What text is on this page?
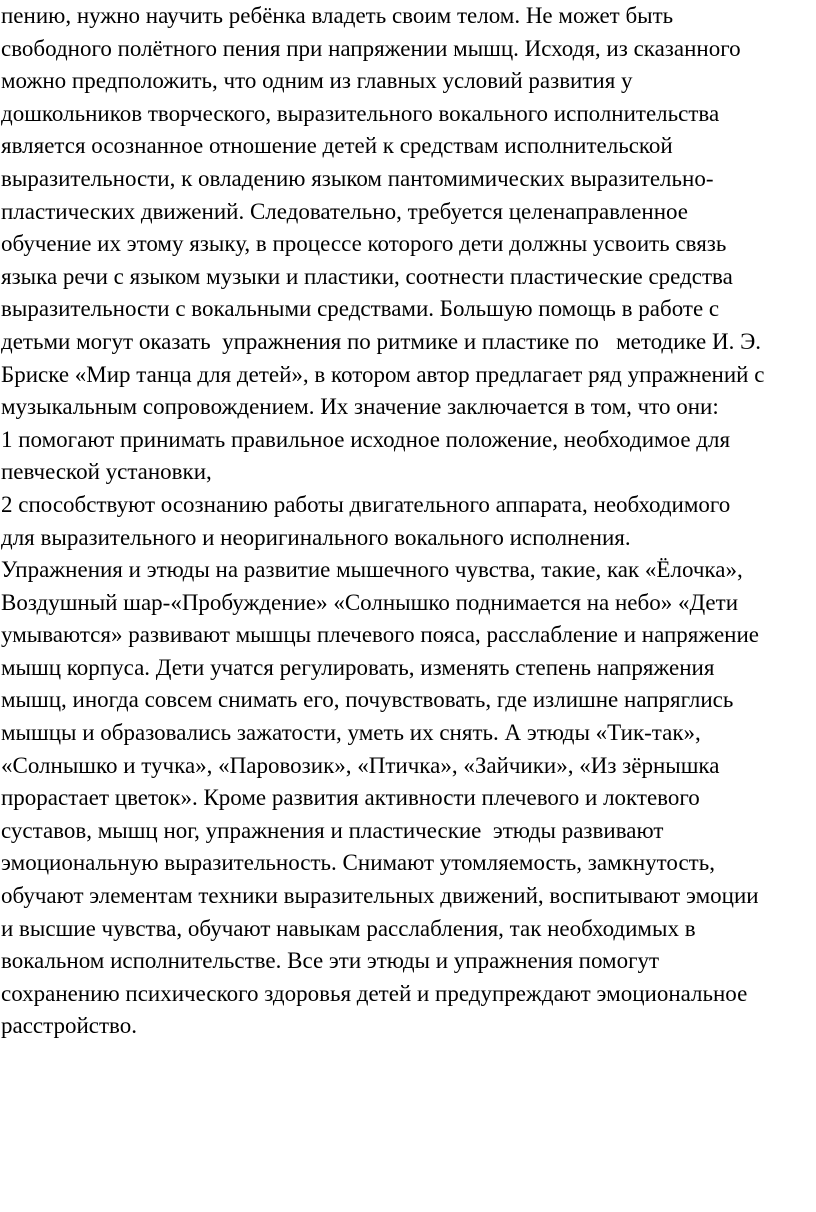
пению, нужно научить ребёнка владеть своим телом. Не может быть
свободного полётного пения при напряжении мышц. Исходя, из сказанного
можно предположить, что одним из главных условий развития у
дошкольников творческого, выразительного вокального исполнительства
является осознанное отношение детей к средствам исполнительской
выразительности, к овладению языком пантомимических выразительно-
пластических движений. Следовательно, требуется целенаправленное
обучение их этому языку, в процессе которого дети должны усвоить связь
языка речи с языком музыки и пластики, соотнести пластические средства
выразительности с вокальными средствами. Большую помощь в работе с
детьми могут оказать  упражнения по ритмике и пластике по   методике И. Э.
Бриске «Мир танца для детей», в котором автор предлагает ряд упражнений с
музыкальным сопровождением. Их значение заключается в том, что они:
1 помогают принимать правильное исходное положение, необходимое для
певческой установки,
2 способствуют осознанию работы двигательного аппарата, необходимого
для выразительного и неоригинального вокального исполнения.
Упражнения и этюды на развитие мышечного чувства, такие, как «Ёлочка»,
Воздушный шар-«Пробуждение» «Солнышко поднимается на небо» «Дети
умываются» развивают мышцы плечевого пояса, расслабление и напряжение
мышц корпуса. Дети учатся регулировать, изменять степень напряжения
мышц, иногда совсем снимать его, почувствовать, где излишне напряглись
мышцы и образовались зажатости, уметь их снять. А этюды «Тик-так»,
«Солнышко и тучка», «Паровозик», «Птичка», «Зайчики», «Из зёрнышка
прорастает цветок». Кроме развития активности плечевого и локтевого
суставов, мышц ног, упражнения и пластические  этюды развивают
эмоциональную выразительность. Снимают утомляемость, замкнутость,
обучают элементам техники выразительных движений, воспитывают эмоции
и высшие чувства, обучают навыкам расслабления, так необходимых в
вокальном исполнительстве. Все эти этюды и упражнения помогут
сохранению психического здоровья детей и предупреждают эмоциональное
расстройство.
